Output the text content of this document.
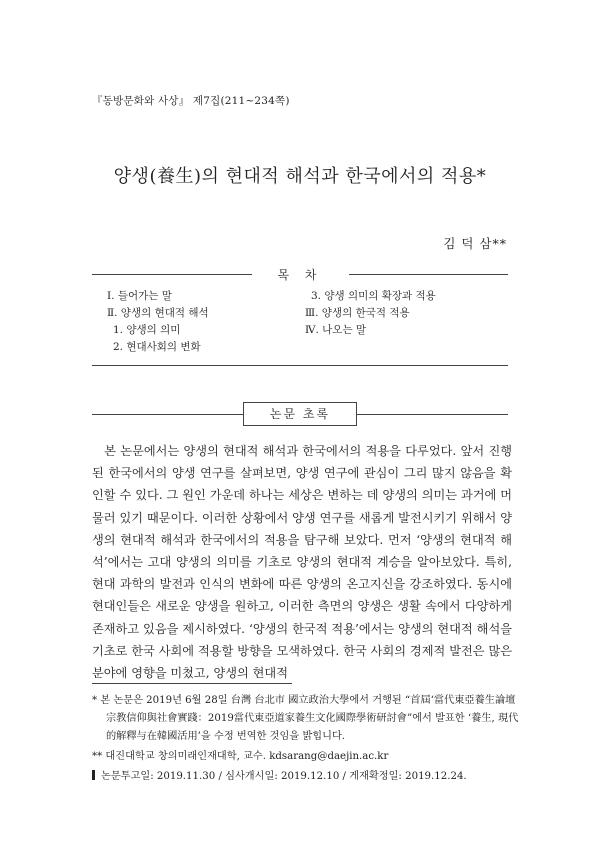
『동방문화와 사상』 제7집(211~234쪽)
양생(養生)의 현대적 해석과 한국에서의 적용*
김 덕 삼**
목 차
Ⅰ. 들어가는 말
Ⅱ. 양생의 현대적 해석
1. 양생의 의미
2. 현대사회의 변화
3. 양생 의미의 확장과 적용
Ⅲ. 양생의 한국적 적용
Ⅳ. 나오는 말
논문 초록
본 논문에서는 양생의 현대적 해석과 한국에서의 적용을 다루었다. 앞서 진행된 한국에서의 양생 연구를 살펴보면, 양생 연구에 관심이 그리 많지 않음을 확인할 수 있다. 그 원인 가운데 하나는 세상은 변하는 데 양생의 의미는 과거에 머물러 있기 때문이다. 이러한 상황에서 양생 연구를 새롭게 발전시키기 위해서 양생의 현대적 해석과 한국에서의 적용을 탐구해 보았다. 먼저 ‘양생의 현대적 해석’에서는 고대 양생의 의미를 기초로 양생의 현대적 계승을 알아보았다. 특히, 현대 과학의 발전과 인식의 변화에 따른 양생의 온고지신을 강조하였다. 동시에 현대인들은 새로운 양생을 원하고, 이러한 측면의 양생은 생활 속에서 다양하게 존재하고 있음을 제시하였다. ‘양생의 한국적 적용’에서는 양생의 현대적 해석을 기초로 한국 사회에 적용할 방향을 모색하였다. 한국 사회의 경제적 발전은 많은 분야에 영향을 미쳤고, 양생의 현대적
* 본 논문은 2019년 6월 28일 台灣 台北市 國立政治大學에서 거행된 “首屆‘當代東亞養生論壇 宗教信仰與社會實踐：2019當代東亞道家養生文化國際學術研討會”에서 발표한 ‘養生, 現代的解釋与在韓國活用’을 수정 번역한 것임을 밝힙니다.
** 대진대학교 창의미래인재대학, 교수. kdsarang@daejin.ac.kr
논문투고일: 2019.11.30 / 심사개시일: 2019.12.10 / 게재확정일: 2019.12.24.
